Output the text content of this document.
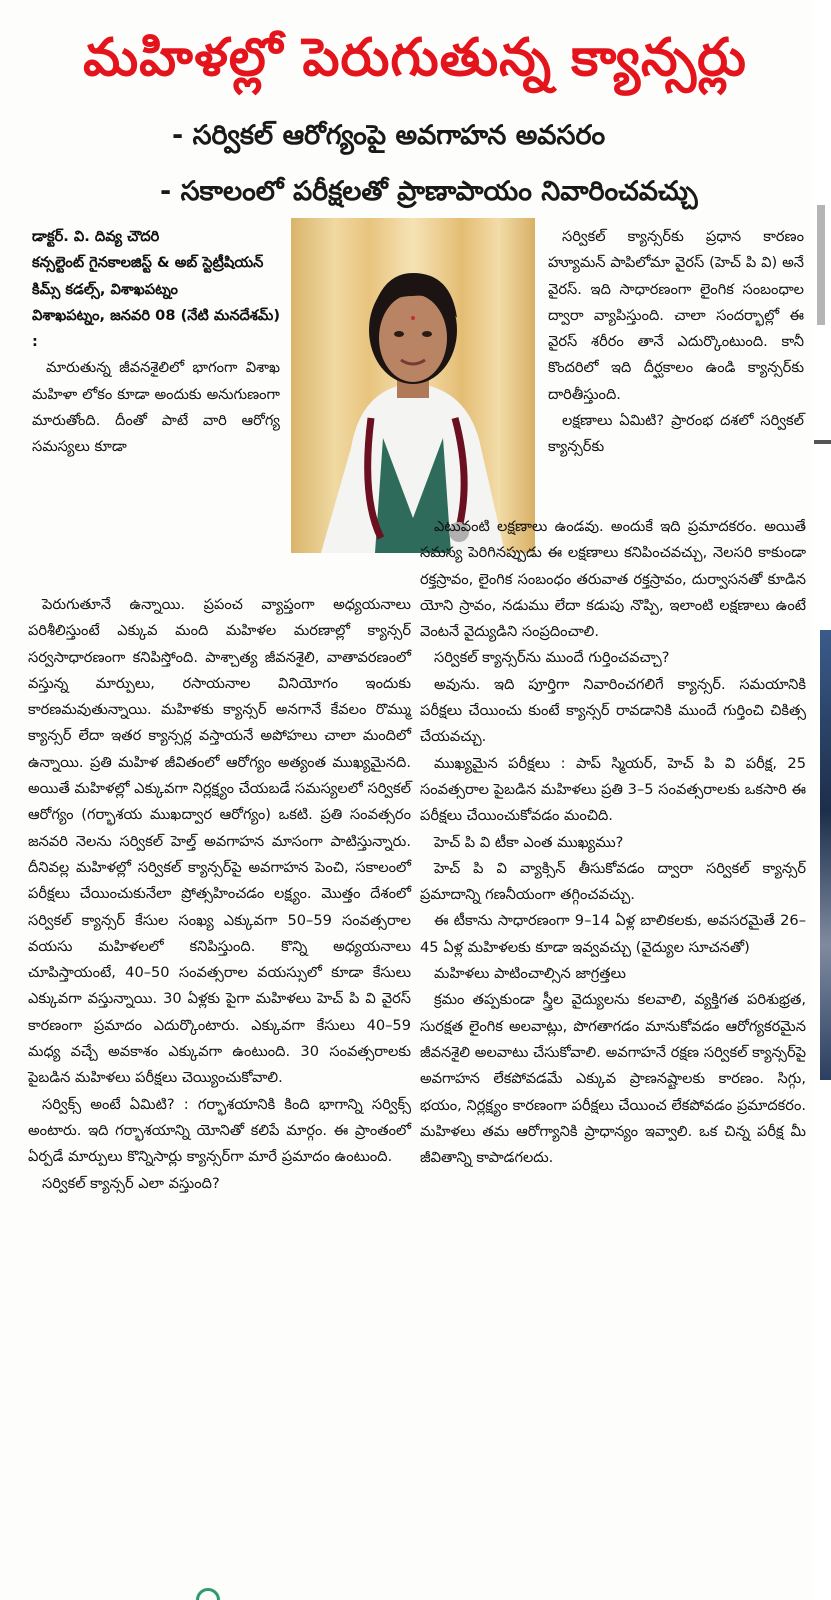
మహిళల్లో పెరుగుతున్న క్యాన్సర్లు
- సర్వికల్ ఆరోగ్యంపై అవగాహన అవసరం
- సకాలంలో పరీక్షలతో ప్రాణాపాయం నివారించవచ్చు

డాక్టర్. వి. దివ్య చౌదరి

కన్సల్టెంట్ గైనకాలజిస్ట్ & అబ్ స్టెట్రీషియన్

కిమ్స్ కడల్స్, విశాఖపట్నం

విశాఖపట్నం, జనవరి 08 (నేటి మనదేశమ్) :

మారుతున్న జీవనశైలిలో భాగంగా విశాఖ మహిళా లోకం కూడా అందుకు అనుగుణంగా మారుతోంది. దీంతో పాటే వారి ఆరోగ్య సమస్యలు కూడా

పెరుగుతూనే ఉన్నాయి. ప్రపంచ వ్యాప్తంగా అధ్యయనాలు పరిశీలిస్తుంటే ఎక్కువ మంది మహిళల మరణాల్లో క్యాన్సర్ సర్వసాధారణంగా కనిపిస్తోంది. పాశ్చాత్య జీవనశైలి, వాతావరణంలో వస్తున్న మార్పులు, రసాయనాల వినియోగం ఇందుకు కారణమవుతున్నాయి. మహిళకు క్యాన్సర్ అనగానే కేవలం రొమ్ము క్యాన్సర్ లేదా ఇతర క్యాన్సర్ల వస్తాయనే అపోహలు చాలా మందిలో ఉన్నాయి. ప్రతి మహిళ జీవితంలో ఆరోగ్యం అత్యంత ముఖ్యమైనది. అయితే మహిళల్లో ఎక్కువగా నిర్లక్ష్యం చేయబడే సమస్యలలో సర్వికల్ ఆరోగ్యం (గర్భాశయ ముఖద్వార ఆరోగ్యం) ఒకటి. ప్రతి సంవత్సరం జనవరి నెలను సర్వికల్ హెల్త్ అవగాహన మాసంగా పాటిస్తున్నారు. దీనివల్ల మహిళల్లో సర్వికల్ క్యాన్సర్‌పై అవగాహన పెంచి, సకాలంలో పరీక్షలు చేయించుకునేలా ప్రోత్సహించడం లక్ష్యం. మొత్తం దేశంలో సర్వికల్ క్యాన్సర్ కేసుల సంఖ్య ఎక్కువగా 50–59 సంవత్సరాల వయసు మహిళలలో కనిపిస్తుంది. కొన్ని అధ్యయనాలు చూపిస్తాయంటే, 40–50 సంవత్సరాల వయస్సులో కూడా కేసులు ఎక్కువగా వస్తున్నాయి. 30 ఏళ్లకు పైగా మహిళలు హెచ్ పి వి వైరస్ కారణంగా ప్రమాదం ఎదుర్కొంటారు. ఎక్కువగా కేసులు 40–59 మధ్య వచ్చే అవకాశం ఎక్కువగా ఉంటుంది. 30 సంవత్సరాలకు పైబడిన మహిళలు పరీక్షలు చెయ్యించుకోవాలి.

సర్విక్స్ అంటే ఏమిటి? : గర్భాశయానికి కింది భాగాన్ని సర్విక్స్ అంటారు. ఇది గర్భాశయాన్ని యోనితో కలిపే మార్గం. ఈ ప్రాంతంలో ఏర్పడే మార్పులు కొన్నిసార్లు క్యాన్సర్‌గా మారే ప్రమాదం ఉంటుంది.

సర్వికల్ క్యాన్సర్ ఎలా వస్తుంది?

సర్వికల్ క్యాన్సర్‌కు ప్రధాన కారణం హ్యూమన్ పాపిలోమా వైరస్ (హెచ్ పి వి) అనే వైరస్. ఇది సాధారణంగా లైంగిక సంబంధాల ద్వారా వ్యాపిస్తుంది. చాలా సందర్భాల్లో ఈ వైరస్ శరీరం తానే ఎదుర్కొంటుంది. కానీ కొందరిలో ఇది దీర్ఘకాలం ఉండి క్యాన్సర్‌కు దారితీస్తుంది.

లక్షణాలు ఏమిటి? ప్రారంభ దశలో సర్వికల్ క్యాన్సర్‌కు

ఎటువంటి లక్షణాలు ఉండవు. అందుకే ఇది ప్రమాదకరం. అయితే సమస్య పెరిగినప్పుడు ఈ లక్షణాలు కనిపించవచ్చు, నెలసరి కాకుండా రక్తస్రావం, లైంగిక సంబంధం తరువాత రక్తస్రావం, దుర్వాసనతో కూడిన యోని స్రావం, నడుము లేదా కడుపు నొప్పి, ఇలాంటి లక్షణాలు ఉంటే వెంటనే వైద్యుడిని సంప్రదించాలి.

సర్వికల్ క్యాన్సర్‌ను ముందే గుర్తించవచ్చా?

అవును. ఇది పూర్తిగా నివారించగలిగే క్యాన్సర్. సమయానికి పరీక్షలు చేయించు కుంటే క్యాన్సర్ రావడానికి ముందే గుర్తించి చికిత్స చేయవచ్చు.

ముఖ్యమైన పరీక్షలు : పాప్ స్మియర్, హెచ్ పి వి పరీక్ష, 25 సంవత్సరాల పైబడిన మహిళలు ప్రతి 3–5 సంవత్సరాలకు ఒకసారి ఈ పరీక్షలు చేయించుకోవడం మంచిది.

హెచ్ పి వి టీకా ఎంత ముఖ్యము?

హెచ్ పి వి వ్యాక్సిన్ తీసుకోవడం ద్వారా సర్వికల్ క్యాన్సర్ ప్రమాదాన్ని గణనీయంగా తగ్గించవచ్చు.

ఈ టీకాను సాధారణంగా 9–14 ఏళ్ల బాలికలకు, అవసరమైతే 26–45 ఏళ్ల మహిళలకు కూడా ఇవ్వవచ్చు (వైద్యుల సూచనతో)

మహిళలు పాటించాల్సిన జాగ్రత్తలు

క్రమం తప్పకుండా స్త్రీల వైద్యులను కలవాలి, వ్యక్తిగత పరిశుభ్రత, సురక్షత లైంగిక అలవాట్లు, పొగతాగడం మానుకోవడం ఆరోగ్యకరమైన జీవనశైలి అలవాటు చేసుకోవాలి. అవగాహనే రక్షణ సర్వికల్ క్యాన్సర్‌పై అవగాహన లేకపోవడమే ఎక్కువ ప్రాణనష్టాలకు కారణం. సిగ్గు, భయం, నిర్లక్ష్యం కారణంగా పరీక్షలు చేయించ లేకపోవడం ప్రమాదకరం. మహిళలు తమ ఆరోగ్యానికి ప్రాధాన్యం ఇవ్వాలి. ఒక చిన్న పరీక్ష మీ జీవితాన్ని కాపాడగలదు.
